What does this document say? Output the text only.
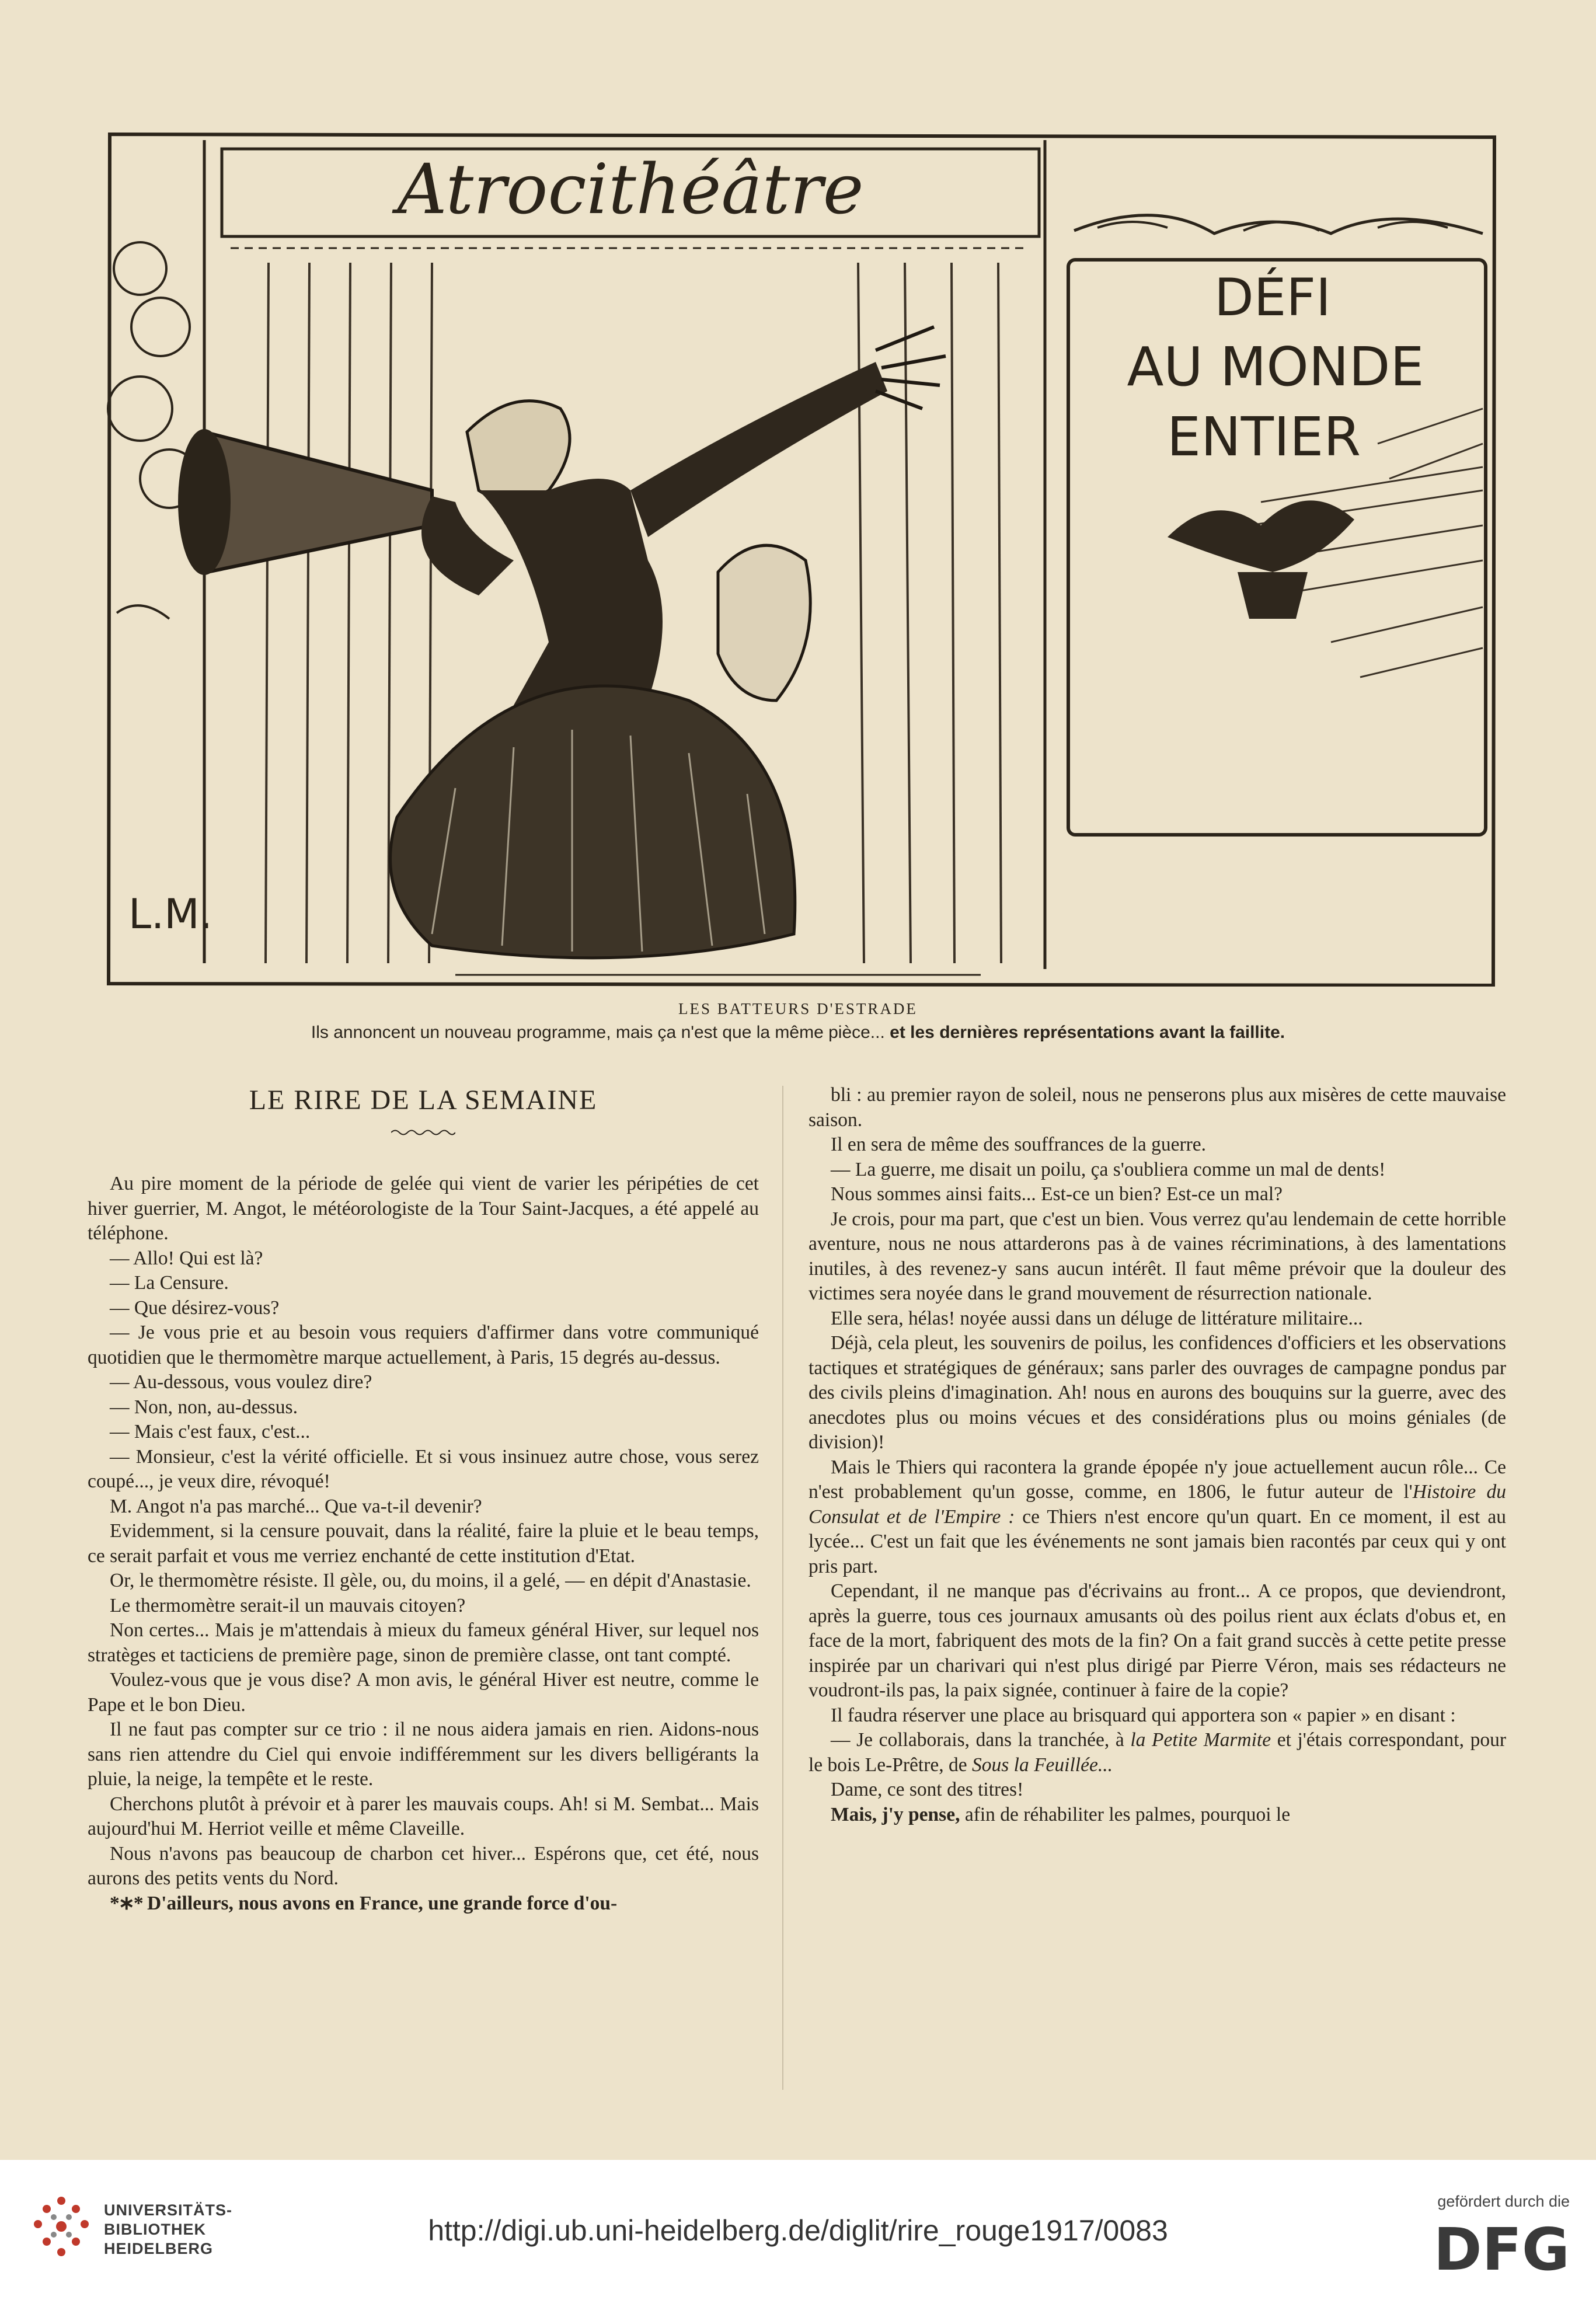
Atrocithéâtre
L.M.
DÉFI
AU MONDE
ENTIER
LES BATTEURS D'ESTRADE
Ils annoncent un nouveau programme, mais ça n'est que la même pièce... et les dernières représentations avant la faillite.
LE RIRE DE LA SEMAINE

Au pire moment de la période de gelée qui vient de varier les péripéties de cet hiver guerrier, M. Angot, le météorologiste de la Tour Saint-Jacques, a été appelé au téléphone.

— Allo! Qui est là?

— La Censure.

— Que désirez-vous?

— Je vous prie et au besoin vous requiers d'affirmer dans votre communiqué quotidien que le thermomètre marque actuellement, à Paris, 15 degrés au-dessus.

— Au-dessous, vous voulez dire?

— Non, non, au-dessus.

— Mais c'est faux, c'est...

— Monsieur, c'est la vérité officielle. Et si vous insinuez autre chose, vous serez coupé..., je veux dire, révoqué!

M. Angot n'a pas marché... Que va-t-il devenir?

Evidemment, si la censure pouvait, dans la réalité, faire la pluie et le beau temps, ce serait parfait et vous me verriez enchanté de cette institution d'Etat.

Or, le thermomètre résiste. Il gèle, ou, du moins, il a gelé, — en dépit d'Anastasie.

Le thermomètre serait-il un mauvais citoyen?

Non certes... Mais je m'attendais à mieux du fameux général Hiver, sur lequel nos stratèges et tacticiens de première page, sinon de première classe, ont tant compté.

Voulez-vous que je vous dise? A mon avis, le général Hiver est neutre, comme le Pape et le bon Dieu.

Il ne faut pas compter sur ce trio : il ne nous aidera jamais en rien. Aidons-nous sans rien attendre du Ciel qui envoie indifféremment sur les divers belligérants la pluie, la neige, la tempête et le reste.

Cherchons plutôt à prévoir et à parer les mauvais coups. Ah! si M. Sembat... Mais aujourd'hui M. Herriot veille et même Claveille.

Nous n'avons pas beaucoup de charbon cet hiver... Espérons que, cet été, nous aurons des petits vents du Nord.

*∗* D'ailleurs, nous avons en France, une grande force d'ou-

bli : au premier rayon de soleil, nous ne penserons plus aux misères de cette mauvaise saison.

Il en sera de même des souffrances de la guerre.

— La guerre, me disait un poilu, ça s'oubliera comme un mal de dents!

Nous sommes ainsi faits... Est-ce un bien? Est-ce un mal?

Je crois, pour ma part, que c'est un bien. Vous verrez qu'au lendemain de cette horrible aventure, nous ne nous attarderons pas à de vaines récriminations, à des lamentations inutiles, à des revenez-y sans aucun intérêt. Il faut même prévoir que la douleur des victimes sera noyée dans le grand mouvement de résurrection nationale.

Elle sera, hélas! noyée aussi dans un déluge de littérature militaire...

Déjà, cela pleut, les souvenirs de poilus, les confidences d'officiers et les observations tactiques et stratégiques de généraux; sans parler des ouvrages de campagne pondus par des civils pleins d'imagination. Ah! nous en aurons des bouquins sur la guerre, avec des anecdotes plus ou moins vécues et des considérations plus ou moins géniales (de division)!

Mais le Thiers qui racontera la grande épopée n'y joue actuellement aucun rôle... Ce n'est probablement qu'un gosse, comme, en 1806, le futur auteur de l'Histoire du Consulat et de l'Empire : ce Thiers n'est encore qu'un quart. En ce moment, il est au lycée... C'est un fait que les événements ne sont jamais bien racontés par ceux qui y ont pris part.

Cependant, il ne manque pas d'écrivains au front... A ce propos, que deviendront, après la guerre, tous ces journaux amusants où des poilus rient aux éclats d'obus et, en face de la mort, fabriquent des mots de la fin? On a fait grand succès à cette petite presse inspirée par un charivari qui n'est plus dirigé par Pierre Véron, mais ses rédacteurs ne voudront-ils pas, la paix signée, continuer à faire de la copie?

Il faudra réserver une place au brisquard qui apportera son « papier » en disant :

— Je collaborais, dans la tranchée, à la Petite Marmite et j'étais correspondant, pour le bois Le-Prêtre, de Sous la Feuillée...

Dame, ce sont des titres!

Mais, j'y pense, afin de réhabiliter les palmes, pourquoi le

UNIVERSITÄTS-
BIBLIOTHEK
HEIDELBERG
http://digi.ub.uni-heidelberg.de/diglit/rire_rouge1917/0083
gefördert durch die
DFG
